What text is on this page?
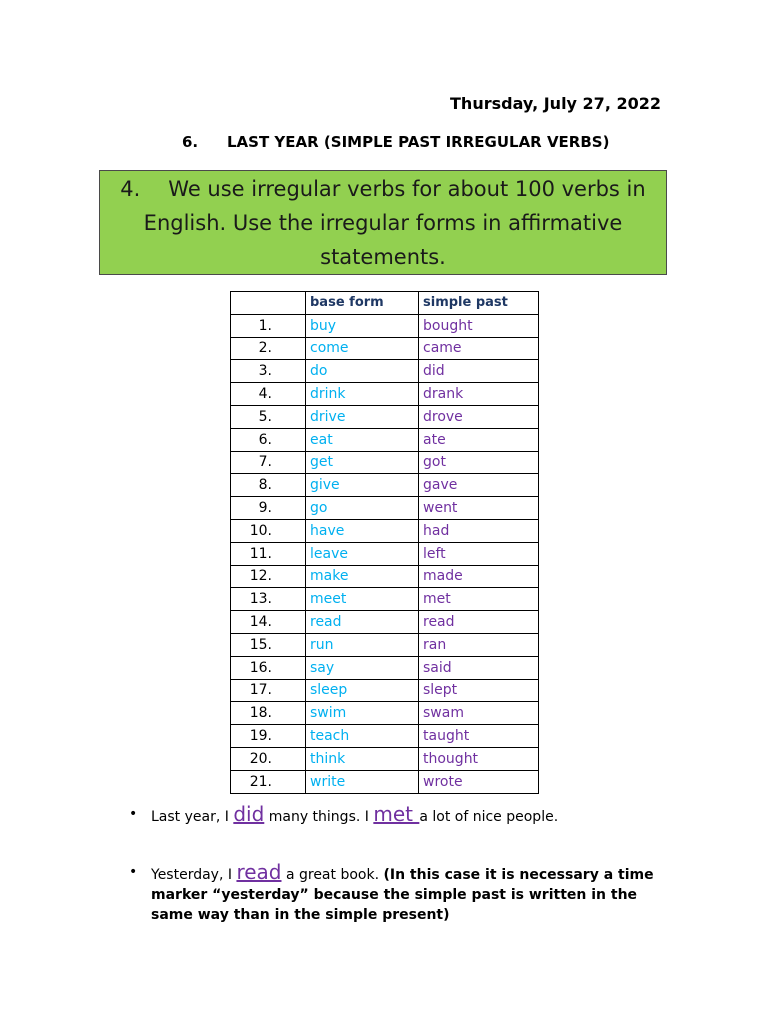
Thursday, July 27, 2022
6. LAST YEAR (SIMPLE PAST IRREGULAR VERBS)
4. We use irregular verbs for about 100 verbs in
English. Use the irregular forms in affirmative
statements.
	base form	simple past
1.	buy	bought
2.	come	came
3.	do	did
4.	drink	drank
5.	drive	drove
6.	eat	ate
7.	get	got
8.	give	gave
9.	go	went
10.	have	had
11.	leave	left
12.	make	made
13.	meet	met
14.	read	read
15.	run	ran
16.	say	said
17.	sleep	slept
18.	swim	swam
19.	teach	taught
20.	think	thought
21.	write	wrote
• Last year, I did many things. I met a lot of nice people.
• Yesterday, I read a great book. (In this case it is necessary a time marker “yesterday” because the simple past is written in the same way than in the simple present)
